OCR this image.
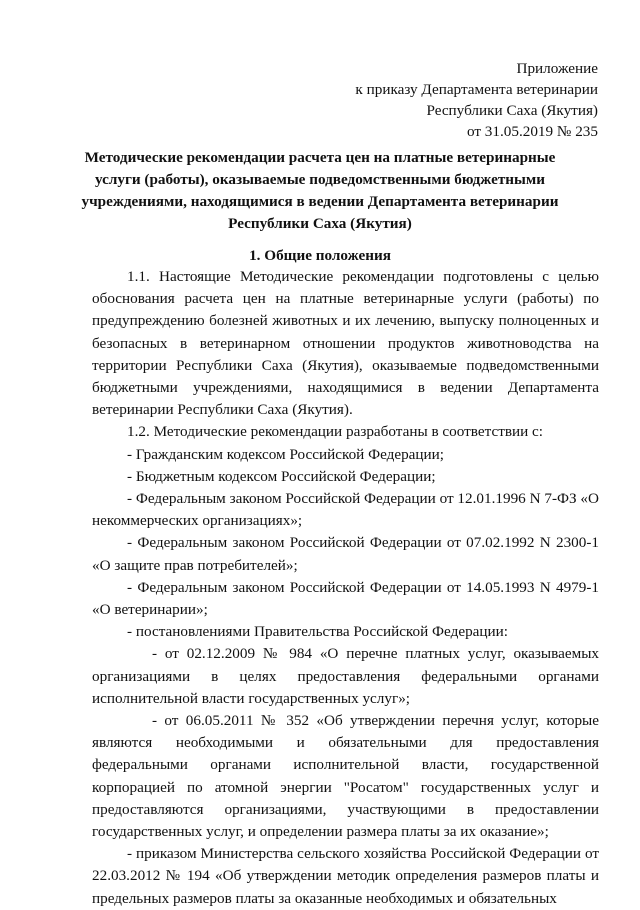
Приложение
к приказу Департамента ветеринарии
Республики Саха (Якутия)
от 31.05.2019 № 235
Методические рекомендации расчета цен на платные ветеринарные услуги (работы), оказываемые подведомственными бюджетными учреждениями, находящимися в ведении Департамента ветеринарии Республики Саха (Якутия)
1. Общие положения

1.1. Настоящие Методические рекомендации подготовлены с целью обоснования расчета цен на платные ветеринарные услуги (работы) по предупреждению болезней животных и их лечению, выпуску полноценных и безопасных в ветеринарном отношении продуктов животноводства на территории Республики Саха (Якутия), оказываемые подведомственными бюджетными учреждениями, находящимися в ведении Департамента ветеринарии Республики Саха (Якутия).

1.2. Методические рекомендации разработаны в соответствии с:

- Гражданским кодексом Российской Федерации;

- Бюджетным кодексом Российской Федерации;

- Федеральным законом Российской Федерации от 12.01.1996 N 7-ФЗ «О некоммерческих организациях»;

- Федеральным законом Российской Федерации от 07.02.1992 N 2300-1 «О защите прав потребителей»;

- Федеральным законом Российской Федерации от 14.05.1993 N 4979-1 «О ветеринарии»;

- постановлениями Правительства Российской Федерации:

- от 02.12.2009 № 984 «О перечне платных услуг, оказываемых организациями в целях предоставления федеральными органами исполнительной власти государственных услуг»;

- от 06.05.2011 № 352 «Об утверждении перечня услуг, которые являются необходимыми и обязательными для предоставления федеральными органами исполнительной власти, государственной корпорацией по атомной энергии "Росатом" государственных услуг и предоставляются организациями, участвующими в предоставлении государственных услуг, и определении размера платы за их оказание»;

- приказом Министерства сельского хозяйства Российской Федерации от 22.03.2012 № 194 «Об утверждении методик определения размеров платы и предельных размеров платы за оказанные необходимых и обязательных
